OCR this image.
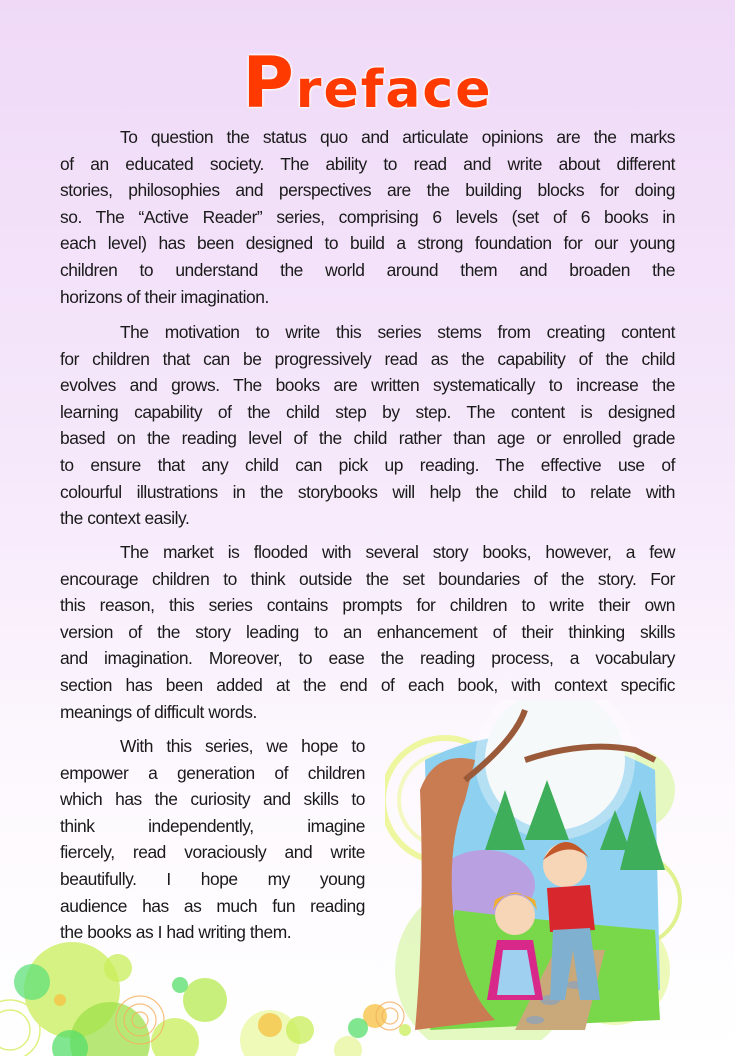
Preface
To question the status quo and articulate opinions are the marks
of an educated society. The ability to read and write about different
stories, philosophies and perspectives are the building blocks for doing
so. The “Active Reader” series, comprising 6 levels (set of 6 books in
each level) has been designed to build a strong foundation for our young
children to understand the world around them and broaden the
horizons of their imagination.
The motivation to write this series stems from creating content
for children that can be progressively read as the capability of the child
evolves and grows. The books are written systematically to increase the
learning capability of the child step by step. The content is designed
based on the reading level of the child rather than age or enrolled grade
to ensure that any child can pick up reading. The effective use of
colourful illustrations in the storybooks will help the child to relate with
the context easily.
The market is flooded with several story books, however, a few
encourage children to think outside the set boundaries of the story. For
this reason, this series contains prompts for children to write their own
version of the story leading to an enhancement of their thinking skills
and imagination. Moreover, to ease the reading process, a vocabulary
section has been added at the end of each book, with context specific
meanings of difficult words.
With this series, we hope to
empower a generation of children
which has the curiosity and skills to
think independently, imagine
fiercely, read voraciously and write
beautifully. I hope my young
audience has as much fun reading
the books as I had writing them.
